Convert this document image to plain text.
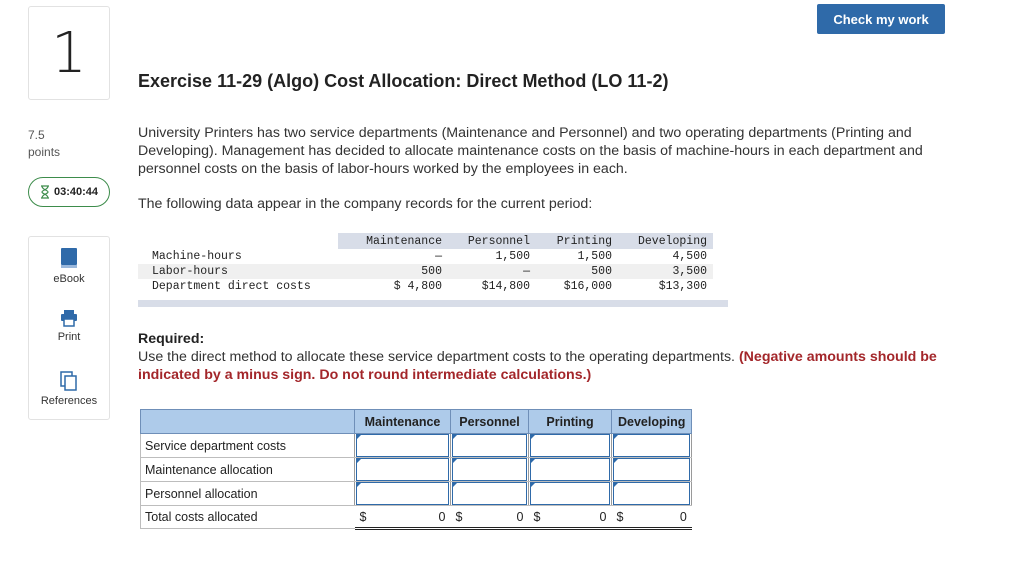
1
7.5
points
03:40:44
eBook
Print
References
Check my work
Exercise 11-29 (Algo) Cost Allocation: Direct Method (LO 11-2)
University Printers has two service departments (Maintenance and Personnel) and two operating departments (Printing and Developing). Management has decided to allocate maintenance costs on the basis of machine-hours in each department and personnel costs on the basis of labor-hours worked by the employees in each.
The following data appear in the company records for the current period:
	Maintenance	Personnel	Printing	Developing	
Machine-hours	—	1,500	1,500	4,500	
Labor-hours	500	—	500	3,500	
Department direct costs	$ 4,800	$14,800	$16,000	$13,300	
Required:
Use the direct method to allocate these service department costs to the operating departments. (Negative amounts should be indicated by a minus sign. Do not round intermediate calculations.)
	Maintenance	Personnel	Printing	Developing
Service department costs	

Maintenance allocation	

Personnel allocation	

Total costs allocated	$ 0	$ 0	$ 0	$ 0
